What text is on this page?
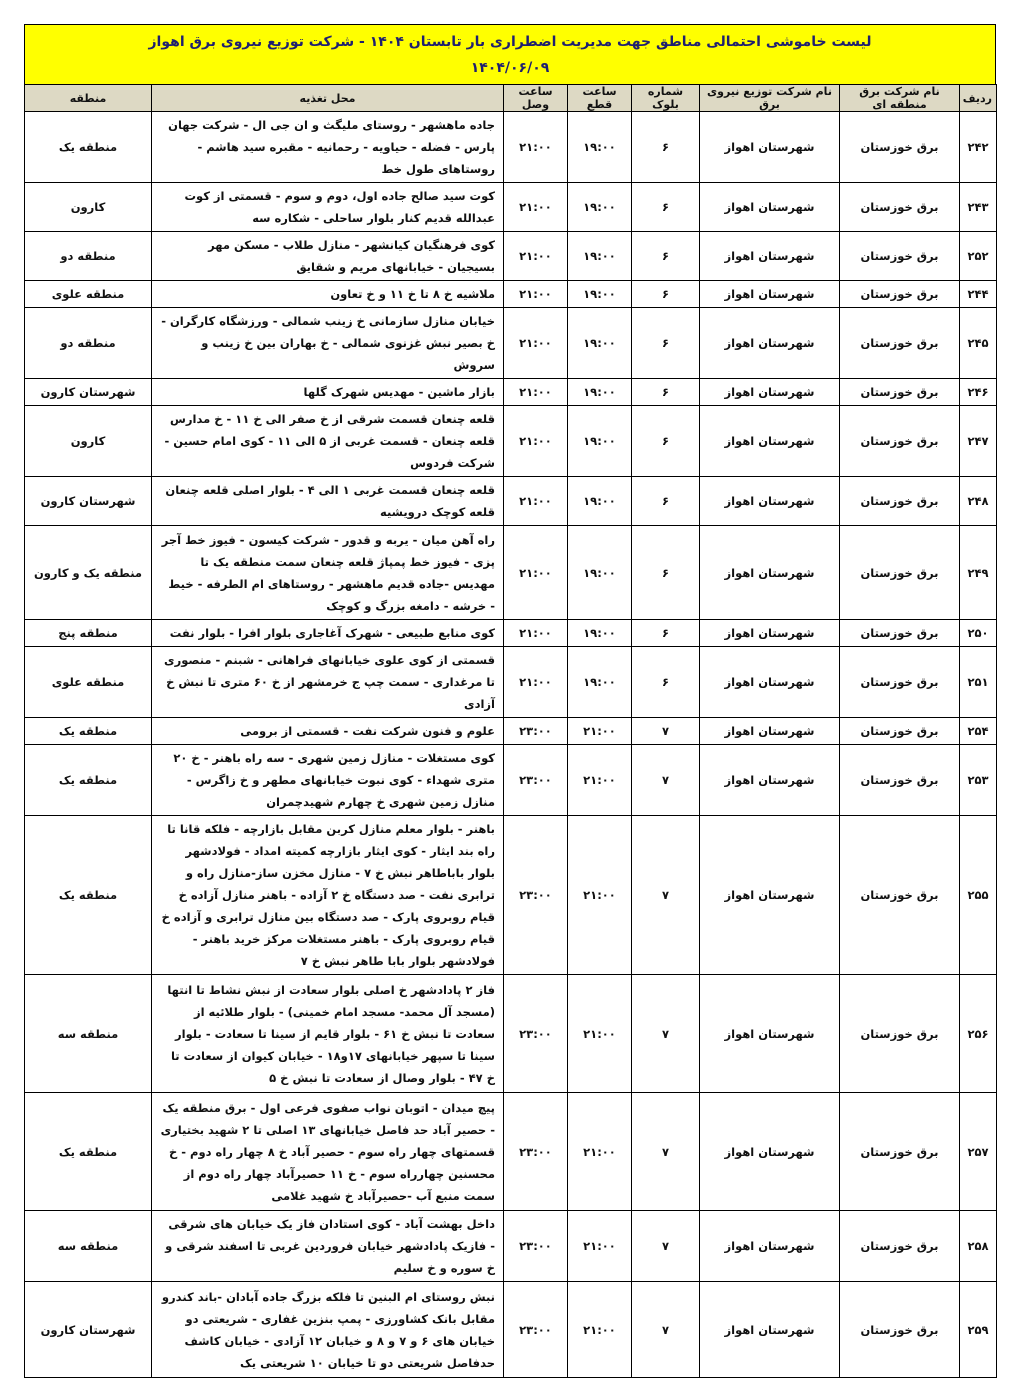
لیست خاموشی احتمالی مناطق جهت مدیریت اضطراری بار تابستان ۱۴۰۴ - شرکت توزیع نیروی برق اهواز
۱۴۰۴/۰۶/۰۹
ردیف	نام شرکت برق منطقه ای	نام شرکت توزیع نیروی برق	شماره بلوک	ساعت قطع	ساعت وصل	محل تغذیه	منطقه
۲۴۲	برق خوزستان	شهرستان اهواز	۶	۱۹:۰۰	۲۱:۰۰	جاده ماهشهر - روستای ملیگث و ان جی ال - شرکت جهان پارس - فضله - حیاویه - رحمانیه - مقبره سید هاشم - روستاهای طول خط	منطقه یک
۲۴۳	برق خوزستان	شهرستان اهواز	۶	۱۹:۰۰	۲۱:۰۰	کوت سید صالح جاده اول، دوم و سوم - قسمتی از کوت عبدالله قدیم کنار بلوار ساحلی - شکاره سه	کارون
۲۵۲	برق خوزستان	شهرستان اهواز	۶	۱۹:۰۰	۲۱:۰۰	کوی فرهنگیان کیانشهر - منازل طلاب - مسکن مهر بسیجیان - خیابانهای مریم و شقایق	منطقه دو
۲۴۴	برق خوزستان	شهرستان اهواز	۶	۱۹:۰۰	۲۱:۰۰	ملاشیه خ ۸ تا خ ۱۱ و خ تعاون	منطقه علوی
۲۴۵	برق خوزستان	شهرستان اهواز	۶	۱۹:۰۰	۲۱:۰۰	خیابان منازل سازمانی خ زینب شمالی - ورزشگاه کارگران - خ بصیر نبش غزنوی شمالی - خ بهاران بین خ زینب و سروش	منطقه دو
۲۴۶	برق خوزستان	شهرستان اهواز	۶	۱۹:۰۰	۲۱:۰۰	بازار ماشین - مهدیس شهرک گلها	شهرستان کارون
۲۴۷	برق خوزستان	شهرستان اهواز	۶	۱۹:۰۰	۲۱:۰۰	قلعه چنعان قسمت شرقی از خ صفر الی خ ۱۱ - خ مدارس قلعه چنعان - قسمت غربی از ۵ الی ۱۱ - کوی امام حسین - شرکت فردوس	کارون
۲۴۸	برق خوزستان	شهرستان اهواز	۶	۱۹:۰۰	۲۱:۰۰	قلعه چنعان قسمت غربی ۱ الی ۴ - بلوار اصلی قلعه چنعان قلعه کوچک درویشیه	شهرستان کارون
۲۴۹	برق خوزستان	شهرستان اهواز	۶	۱۹:۰۰	۲۱:۰۰	راه آهن میان - یربه و قدور - شرکت کیسون - فیوز خط آجر پزی - فیوز خط پمپاژ قلعه چنعان سمت منطقه یک تا مهدیس -جاده قدیم ماهشهر - روستاهای ام الطرفه - خیط - خرشه - دامغه بزرگ و کوچک	منطقه یک و کارون
۲۵۰	برق خوزستان	شهرستان اهواز	۶	۱۹:۰۰	۲۱:۰۰	کوی منابع طبیعی - شهرک آغاجاری بلوار افرا - بلوار نفت	منطقه پنج
۲۵۱	برق خوزستان	شهرستان اهواز	۶	۱۹:۰۰	۲۱:۰۰	قسمتی از کوی علوی خیابانهای فراهانی - شبنم - منصوری تا مرغداری - سمت چپ ج خرمشهر از خ ۶۰ متری تا نبش خ آزادی	منطقه علوی
۲۵۴	برق خوزستان	شهرستان اهواز	۷	۲۱:۰۰	۲۳:۰۰	علوم و فنون شرکت نفت - قسمتی از برومی	منطقه یک
۲۵۳	برق خوزستان	شهرستان اهواز	۷	۲۱:۰۰	۲۳:۰۰	کوی مستغلات - منازل زمین شهری - سه راه باهنر - خ ۲۰ متری شهداء - کوی نبوت خیابانهای مطهر و خ زاگرس - منازل زمین شهری خ چهارم شهیدچمران	منطقه یک
۲۵۵	برق خوزستان	شهرستان اهواز	۷	۲۱:۰۰	۲۳:۰۰	باهنر - بلوار معلم منازل کربن مقابل بازارچه - فلکه قانا تا راه بند ایثار - کوی ایثار بازارچه کمیته امداد - فولادشهر بلوار باباطاهر نبش خ ۷ - منازل مخزن ساز-منازل راه و ترابری نفت - صد دستگاه خ ۲ آزاده - باهنر منازل آزاده خ قیام روبروی پارک - صد دستگاه بین منازل ترابری و آزاده خ قیام روبروی پارک - باهنر مستغلات مرکز خرید باهنر - فولادشهر بلوار بابا طاهر نبش خ ۷	منطقه یک
۲۵۶	برق خوزستان	شهرستان اهواز	۷	۲۱:۰۰	۲۳:۰۰	فاز ۲ پادادشهر خ اصلی بلوار سعادت از نبش نشاط تا انتها (مسجد آل محمد- مسجد امام خمینی) - بلوار طلائیه از سعادت تا نبش خ ۶۱ - بلوار قایم از سینا تا سعادت - بلوار سینا تا سپهر خیابانهای ۱۷و۱۸ - خیابان کیوان از سعادت تا خ ۴۷ - بلوار وصال از سعادت تا نبش خ ۵	منطقه سه
۲۵۷	برق خوزستان	شهرستان اهواز	۷	۲۱:۰۰	۲۳:۰۰	پیچ میدان - اتوبان نواب صفوی فرعی اول - برق منطقه یک - حصیر آباد حد فاصل خیابانهای ۱۳ اصلی تا ۲ شهید بختیاری قسمتهای چهار راه سوم - حصیر آباد خ ۸ چهار راه دوم - خ محسنین چهارراه سوم - خ ۱۱ حصیرآباد چهار راه دوم از سمت منبع آب -حصیرآباد خ شهید غلامی	منطقه یک
۲۵۸	برق خوزستان	شهرستان اهواز	۷	۲۱:۰۰	۲۳:۰۰	داخل بهشت آباد - کوی استادان فاز یک خیابان های شرقی - فازیک پادادشهر خیابان فروردین غربی تا اسفند شرقی و خ سوره و خ سلیم	منطقه سه
۲۵۹	برق خوزستان	شهرستان اهواز	۷	۲۱:۰۰	۲۳:۰۰	نبش روستای ام البنین تا فلکه بزرگ جاده آبادان -باند کندرو مقابل بانک کشاورزی - پمپ بنزین غفاری - شریعتی دو خیابان های ۶ و ۷ و ۸ و خیابان ۱۲ آزادی - خیابان کاشف حدفاصل شریعتی دو تا خیابان ۱۰ شریعتی یک	شهرستان کارون
